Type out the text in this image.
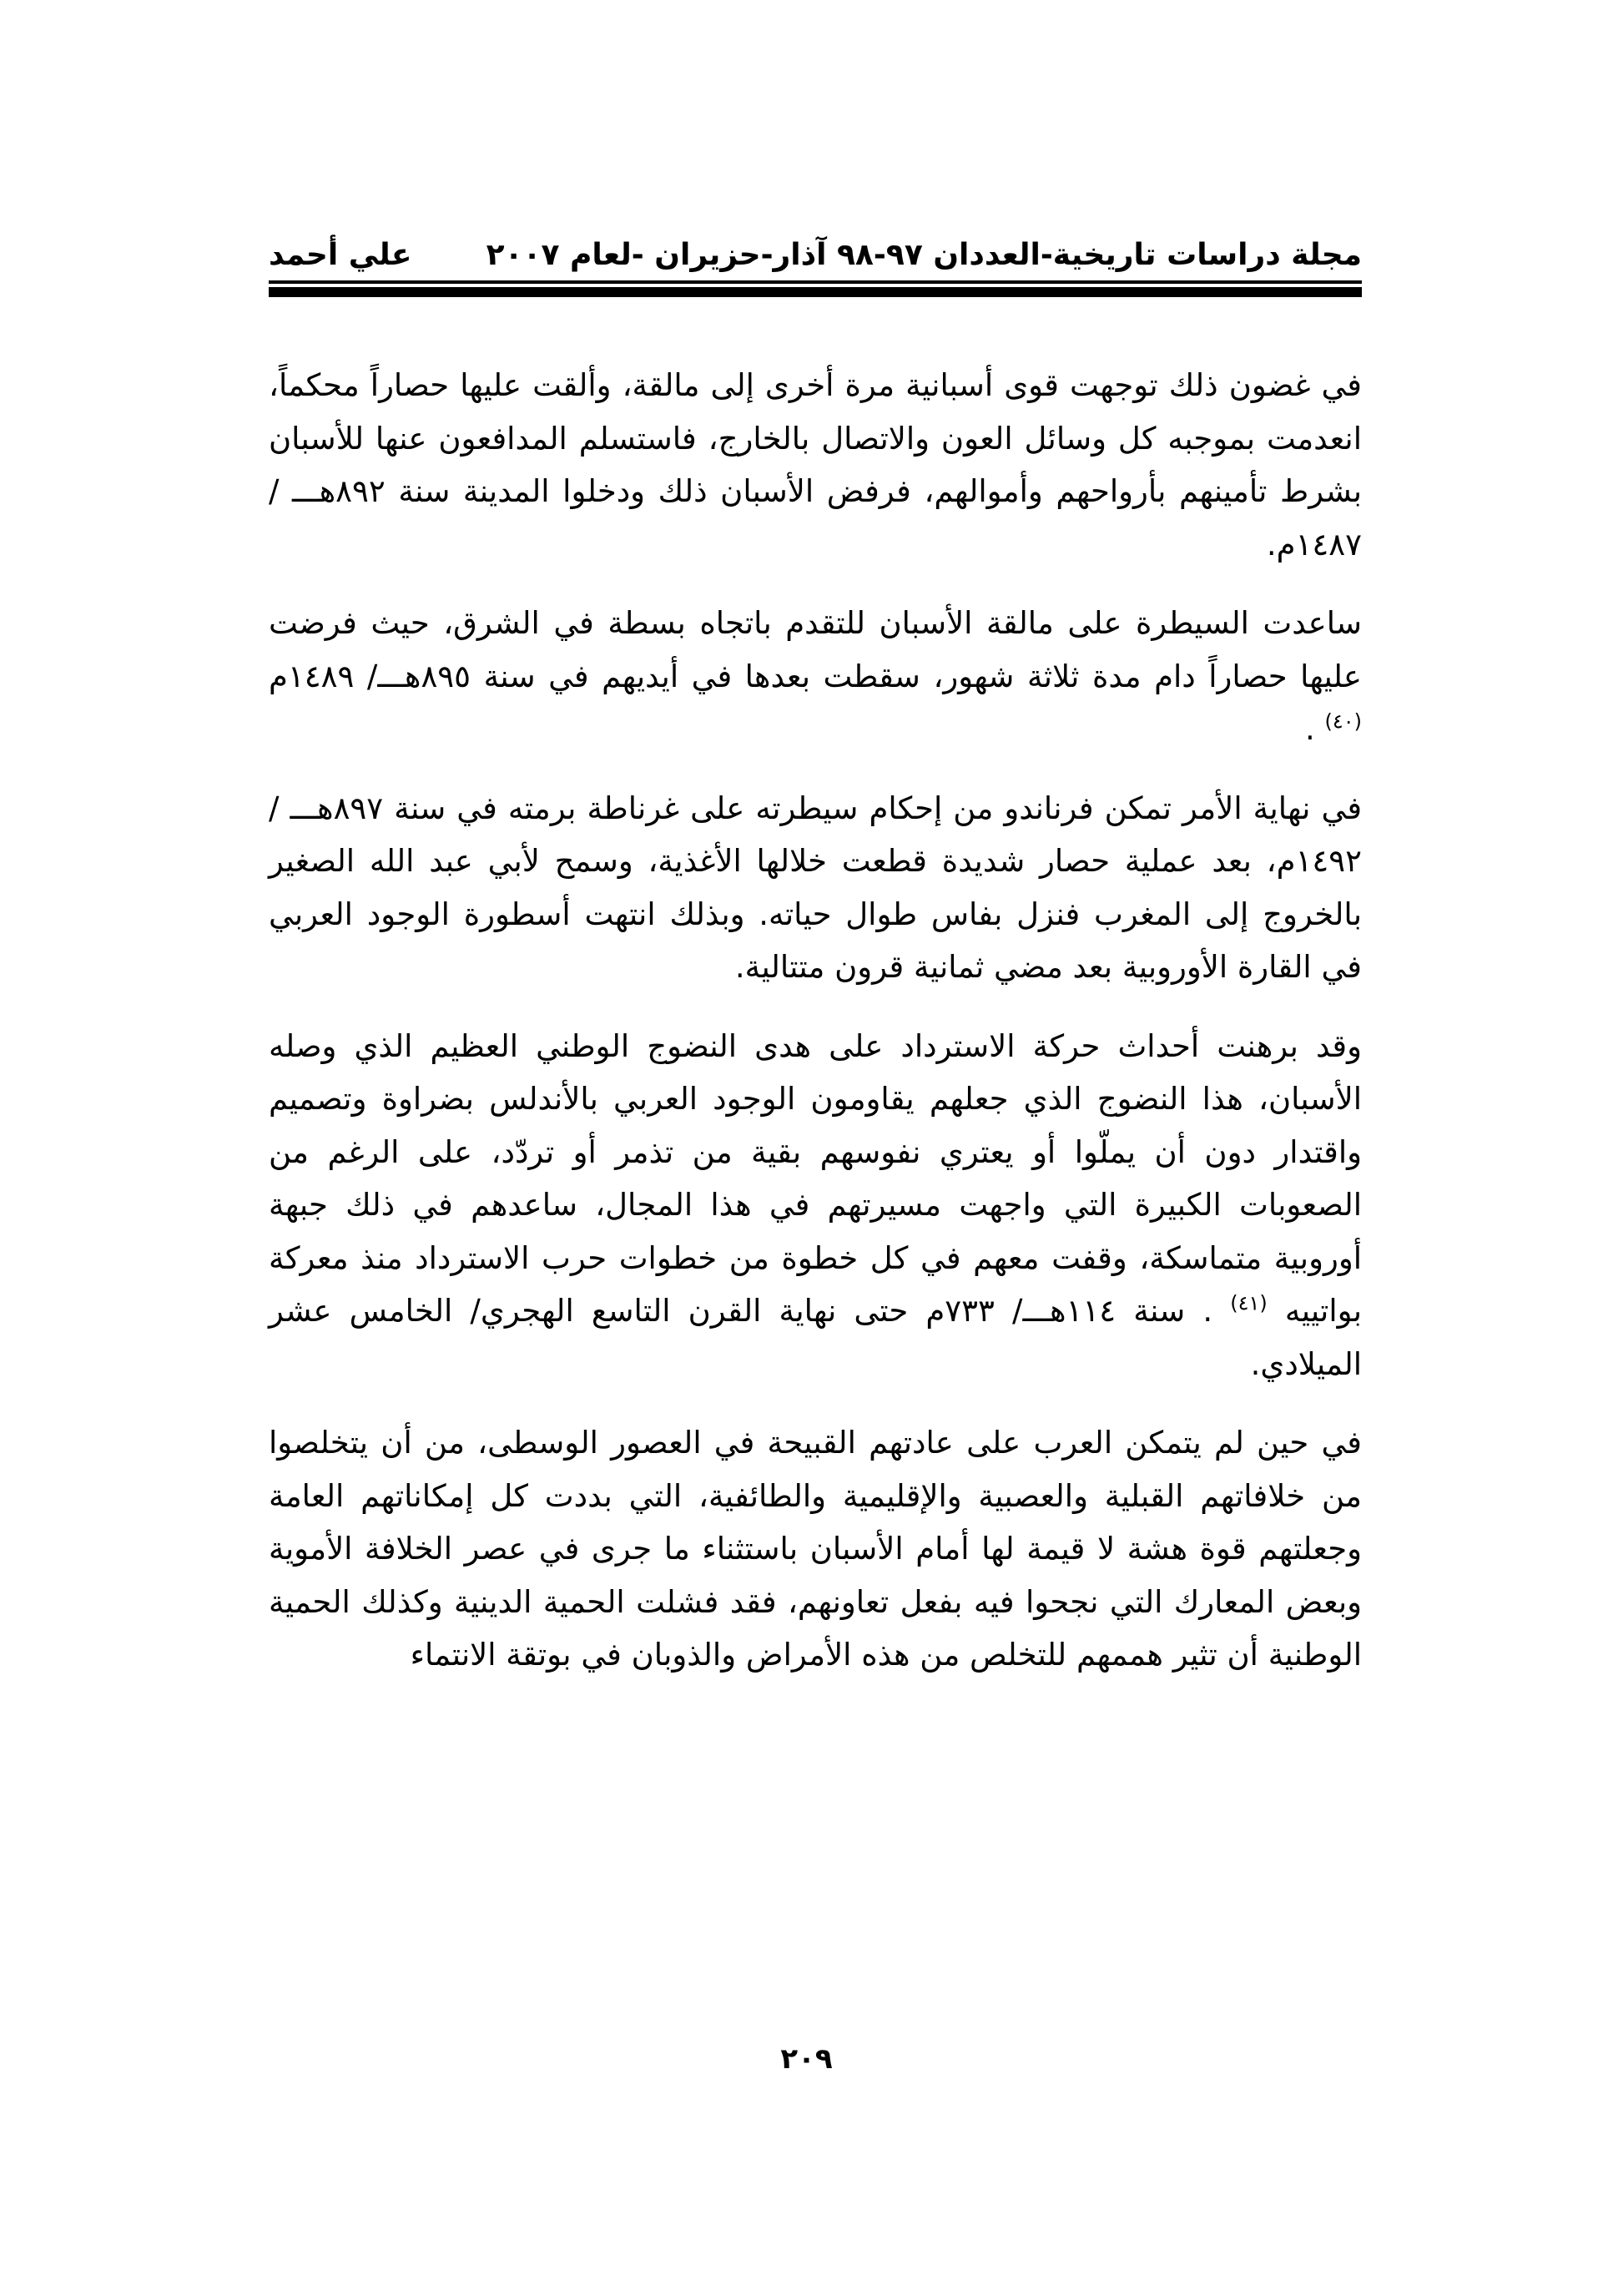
مجلة دراسات تاريخية-العددان ٩٧-٩٨ آذار-حزيران -لعام ٢٠٠٧
علي أحمد

في غضون ذلك توجهت قوى أسبانية مرة أخرى إلى مالقة، وألقت عليها حصاراً محكماً، انعدمت بموجبه كل وسائل العون والاتصال بالخارج، فاستسلم المدافعون عنها للأسبان بشرط تأمينهم بأرواحهم وأموالهم، فرفض الأسبان ذلك ودخلوا المدينة سنة ٨٩٢هـــ / ١٤٨٧م.

ساعدت السيطرة على مالقة الأسبان للتقدم باتجاه بسطة في الشرق، حيث فرضت عليها حصاراً دام مدة ثلاثة شهور، سقطت بعدها في أيديهم في سنة ٨٩٥هـــ/ ١٤٨٩م $^{(٤٠)}$ .

في نهاية الأمر تمكن فرناندو من إحكام سيطرته على غرناطة برمته في سنة ٨٩٧هـــ / ١٤٩٢م، بعد عملية حصار شديدة قطعت خلالها الأغذية، وسمح لأبي عبد الله الصغير بالخروج إلى المغرب فنزل بفاس طوال حياته. وبذلك انتهت أسطورة الوجود العربي في القارة الأوروبية بعد مضي ثمانية قرون متتالية.

وقد برهنت أحداث حركة الاسترداد على هدى النضوج الوطني العظيم الذي وصله الأسبان، هذا النضوج الذي جعلهم يقاومون الوجود العربي بالأندلس بضراوة وتصميم واقتدار دون أن يملّوا أو يعتري نفوسهم بقية من تذمر أو تردّد، على الرغم من الصعوبات الكبيرة التي واجهت مسيرتهم في هذا المجال، ساعدهم في ذلك جبهة أوروبية متماسكة، وقفت معهم في كل خطوة من خطوات حرب الاسترداد منذ معركة بواتييه $^{(٤١)}$ . سنة ١١٤هـــ/ ٧٣٣م حتى نهاية القرن التاسع الهجري/ الخامس عشر الميلادي.

في حين لم يتمكن العرب على عادتهم القبيحة في العصور الوسطى، من أن يتخلصوا من خلافاتهم القبلية والعصبية والإقليمية والطائفية، التي بددت كل إمكاناتهم العامة وجعلتهم قوة هشة لا قيمة لها أمام الأسبان باستثناء ما جرى في عصر الخلافة الأموية وبعض المعارك التي نجحوا فيه بفعل تعاونهم، فقد فشلت الحمية الدينية وكذلك الحمية الوطنية أن تثير هممهم للتخلص من هذه الأمراض والذوبان في بوتقة الانتماء

٢٠٩
